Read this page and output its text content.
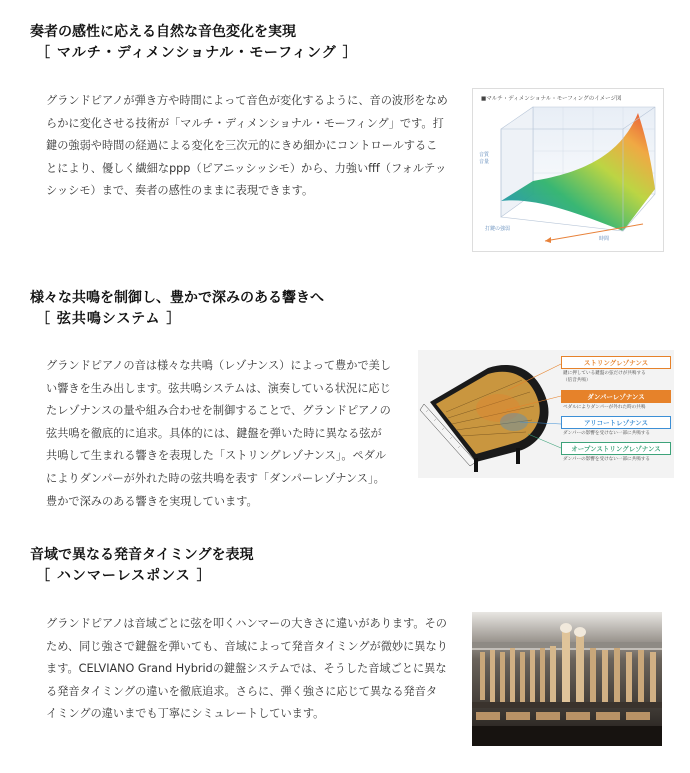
奏者の感性に応える自然な音色変化を実現
［ マルチ・ディメンショナル・モーフィング ］

グランドピアノが弾き方や時間によって音色が変化するように、音の波形をなめらかに変化させる技術が「マルチ・ディメンショナル・モーフィング」です。打鍵の強弱や時間の経過による変化を三次元的にきめ細かにコントロールすることにより、優しく繊細なppp（ピアニッシッシモ）から、力強いfff（フォルテッシッシモ）まで、奏者の感性のままに表現できます。

■マルチ・ディメンショナル・モーフィングのイメージ図
音質
音量
打鍵の強弱
時間
様々な共鳴を制御し、豊かで深みのある響きへ
［ 弦共鳴システム ］

グランドピアノの音は様々な共鳴（レゾナンス）によって豊かで美しい響きを生み出します。弦共鳴システムは、演奏している状況に応じたレゾナンスの量や組み合わせを制御することで、グランドピアノの弦共鳴を徹底的に追求。具体的には、鍵盤を弾いた時に異なる弦が共鳴して生まれる響きを表現した「ストリングレゾナンス」。ペダルによりダンパーが外れた時の弦共鳴を表す「ダンパーレゾナンス」。豊かで深みのある響きを実現しています。

ストリングレゾナンス
鍵に押している鍵盤の弦だけが共鳴する
（倍音共鳴）
ダンパーレゾナンス
ペダルによりダンパーが外れた時の共鳴
アリコートレゾナンス
ダンパーの影響を受けない一部に共鳴する
オープンストリングレゾナンス
ダンパーの影響を受けない一部に共鳴する
音域で異なる発音タイミングを表現
［ ハンマーレスポンス ］

グランドピアノは音域ごとに弦を叩くハンマーの大きさに違いがあります。そのため、同じ強さで鍵盤を弾いても、音域によって発音タイミングが微妙に異なります。CELVIANO Grand Hybridの鍵盤システムでは、そうした音域ごとに異なる発音タイミングの違いを徹底追求。さらに、弾く強さに応じて異なる発音タイミングの違いまでも丁寧にシミュレートしています。
